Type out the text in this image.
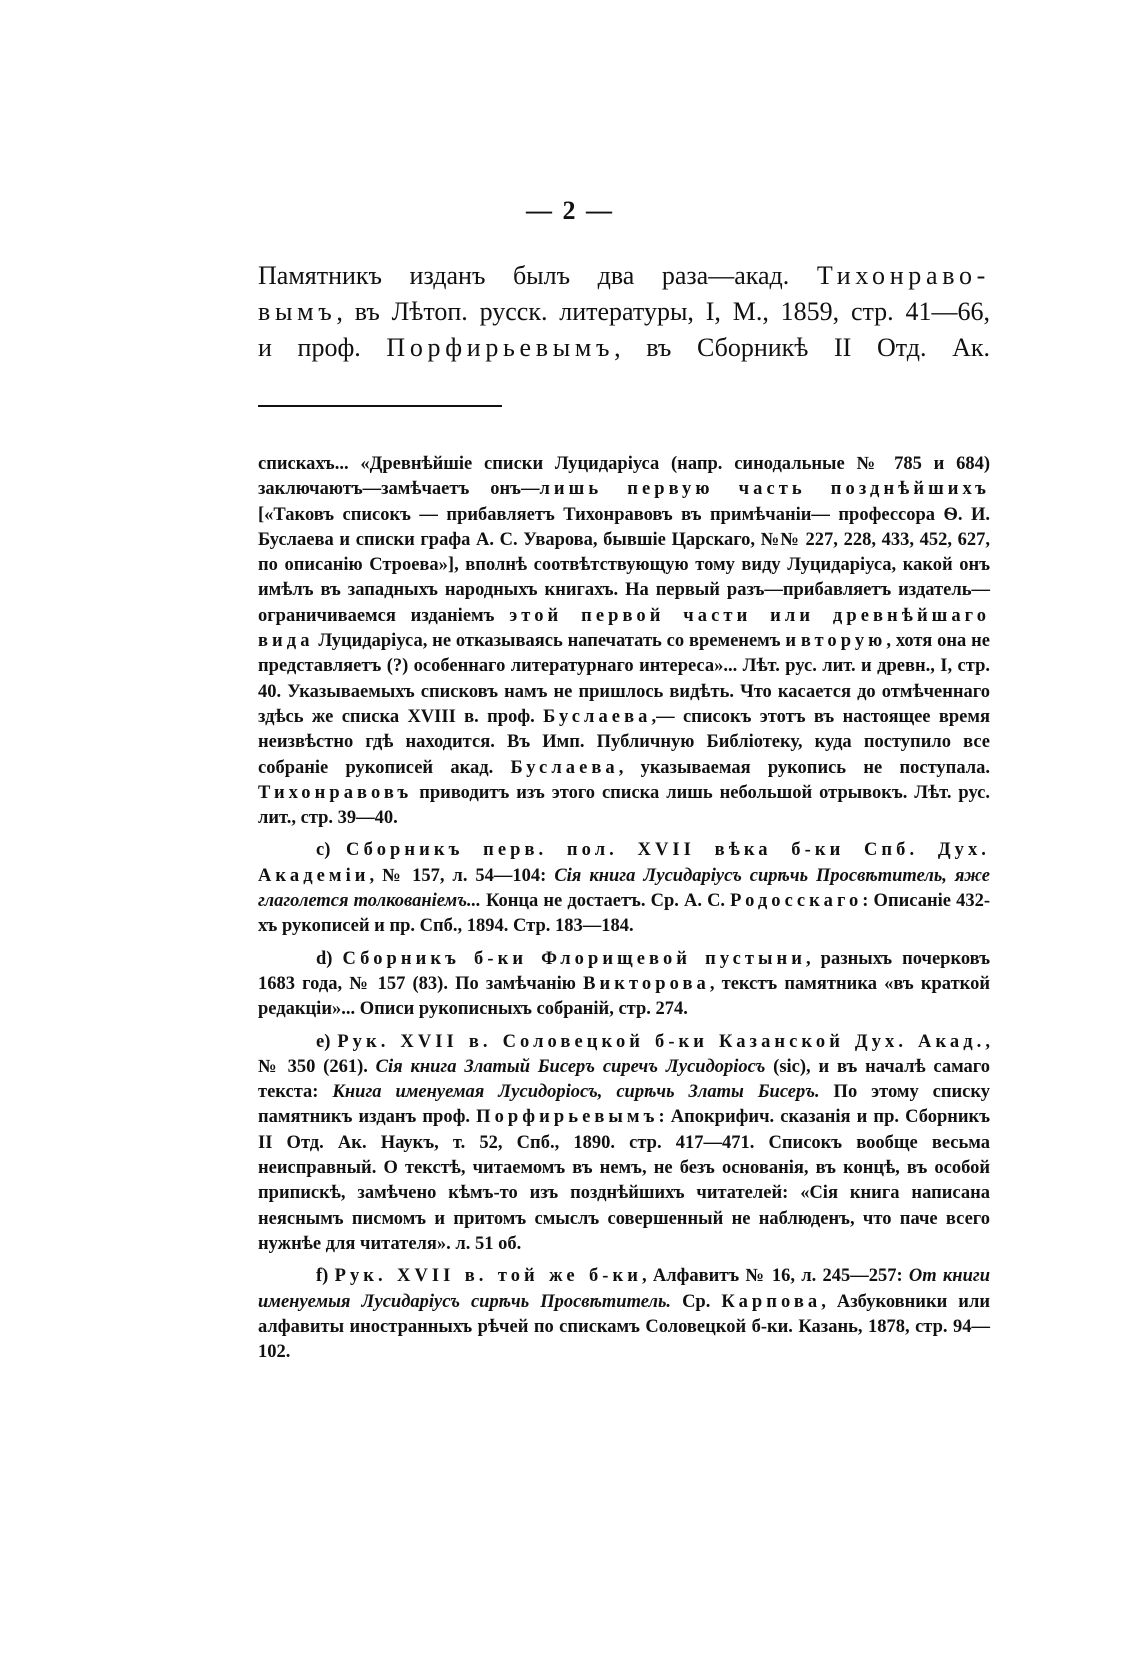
— 2 —
Памятникъ изданъ былъ два раза—акад. Тихонраво-
вымъ, въ Лѣтоп. русск. литературы, I, М., 1859, стр. 41—66,
и проф. Порфирьевымъ, въ Сборникѣ II Отд. Ак.

спискахъ... «Древнѣйшіе списки Луцидаріуса (напр. синодальные № 785 и 684) заключаютъ—замѣчаетъ онъ—лишь первую часть позднѣйшихъ [«Таковъ списокъ — прибавляетъ Тихонравовъ въ примѣчаніи— профессора Ѳ. И. Буслаева и списки графа А. С. Уварова, бывшіе Царскаго, №№ 227, 228, 433, 452, 627, по описанію Строева»], вполнѣ соотвѣтствующую тому виду Луцидаріуса, какой онъ имѣлъ въ западныхъ народныхъ книгахъ. На первый разъ—прибавляетъ издатель—ограничиваемся изданіемъ этой первой части или древнѣйшаго вида Луцидаріуса, не отказываясь напечатать со временемъ и вторую, хотя она не представляетъ (?) особеннаго литературнаго интереса»... Лѣт. рус. лит. и древн., I, стр. 40. Указываемыхъ списковъ намъ не пришлось видѣть. Что касается до отмѣченнаго здѣсь же списка XVIII в. проф. Буслаева,— списокъ этотъ въ настоящее время неизвѣстно гдѣ находится. Въ Имп. Публичную Библіотеку, куда поступило все собраніе рукописей акад. Буслаева, указываемая рукопись не поступала. Тихонравовъ приводитъ изъ этого списка лишь небольшой отрывокъ. Лѣт. рус. лит., стр. 39—40.

с) Сборникъ перв. пол. XVII вѣка б-ки Спб. Дух. Академіи, № 157, л. 54—104: Сія книга Лусидаріусъ сирѣчь Просвѣтитель, яже глаголется толкованіемъ... Конца не достаетъ. Ср. А. С. Родосскаго: Описаніе 432-хъ рукописей и пр. Спб., 1894. Стр. 183—184.

d) Сборникъ б-ки Флорищевой пустыни, разныхъ почерковъ 1683 года, № 157 (83). По замѣчанію Викторова, текстъ памятника «въ краткой редакціи»... Описи рукописныхъ собраній, стр. 274.

е) Рук. XVII в. Соловецкой б-ки Казанской Дух. Акад., № 350 (261). Сія книга Златый Бисеръ сиречъ Лусидоріосъ (sic), и въ началѣ самаго текста: Книга именуемая Лусидоріосъ, сирѣчь Златы Бисеръ. По этому списку памятникъ изданъ проф. Порфирьевымъ: Апокрифич. сказанія и пр. Сборникъ II Отд. Ак. Наукъ, т. 52, Спб., 1890. стр. 417—471. Списокъ вообще весьма неисправный. О текстѣ, читаемомъ въ немъ, не безъ основанія, въ концѣ, въ особой припискѣ, замѣчено кѣмъ-то изъ позднѣйшихъ читателей: «Сія книга написана неяснымъ писмомъ и притомъ смыслъ совершенный не наблюденъ, что паче всего нужнѣе для читателя». л. 51 об.

f) Рук. XVII в. той же б-ки, Алфавитъ № 16, л. 245—257: От книги именуемыя Лусидаріусъ сирѣчь Просвѣтитель. Ср. Карпова, Азбуковники или алфавиты иностранныхъ рѣчей по спискамъ Соловецкой б-ки. Казань, 1878, стр. 94—102.
